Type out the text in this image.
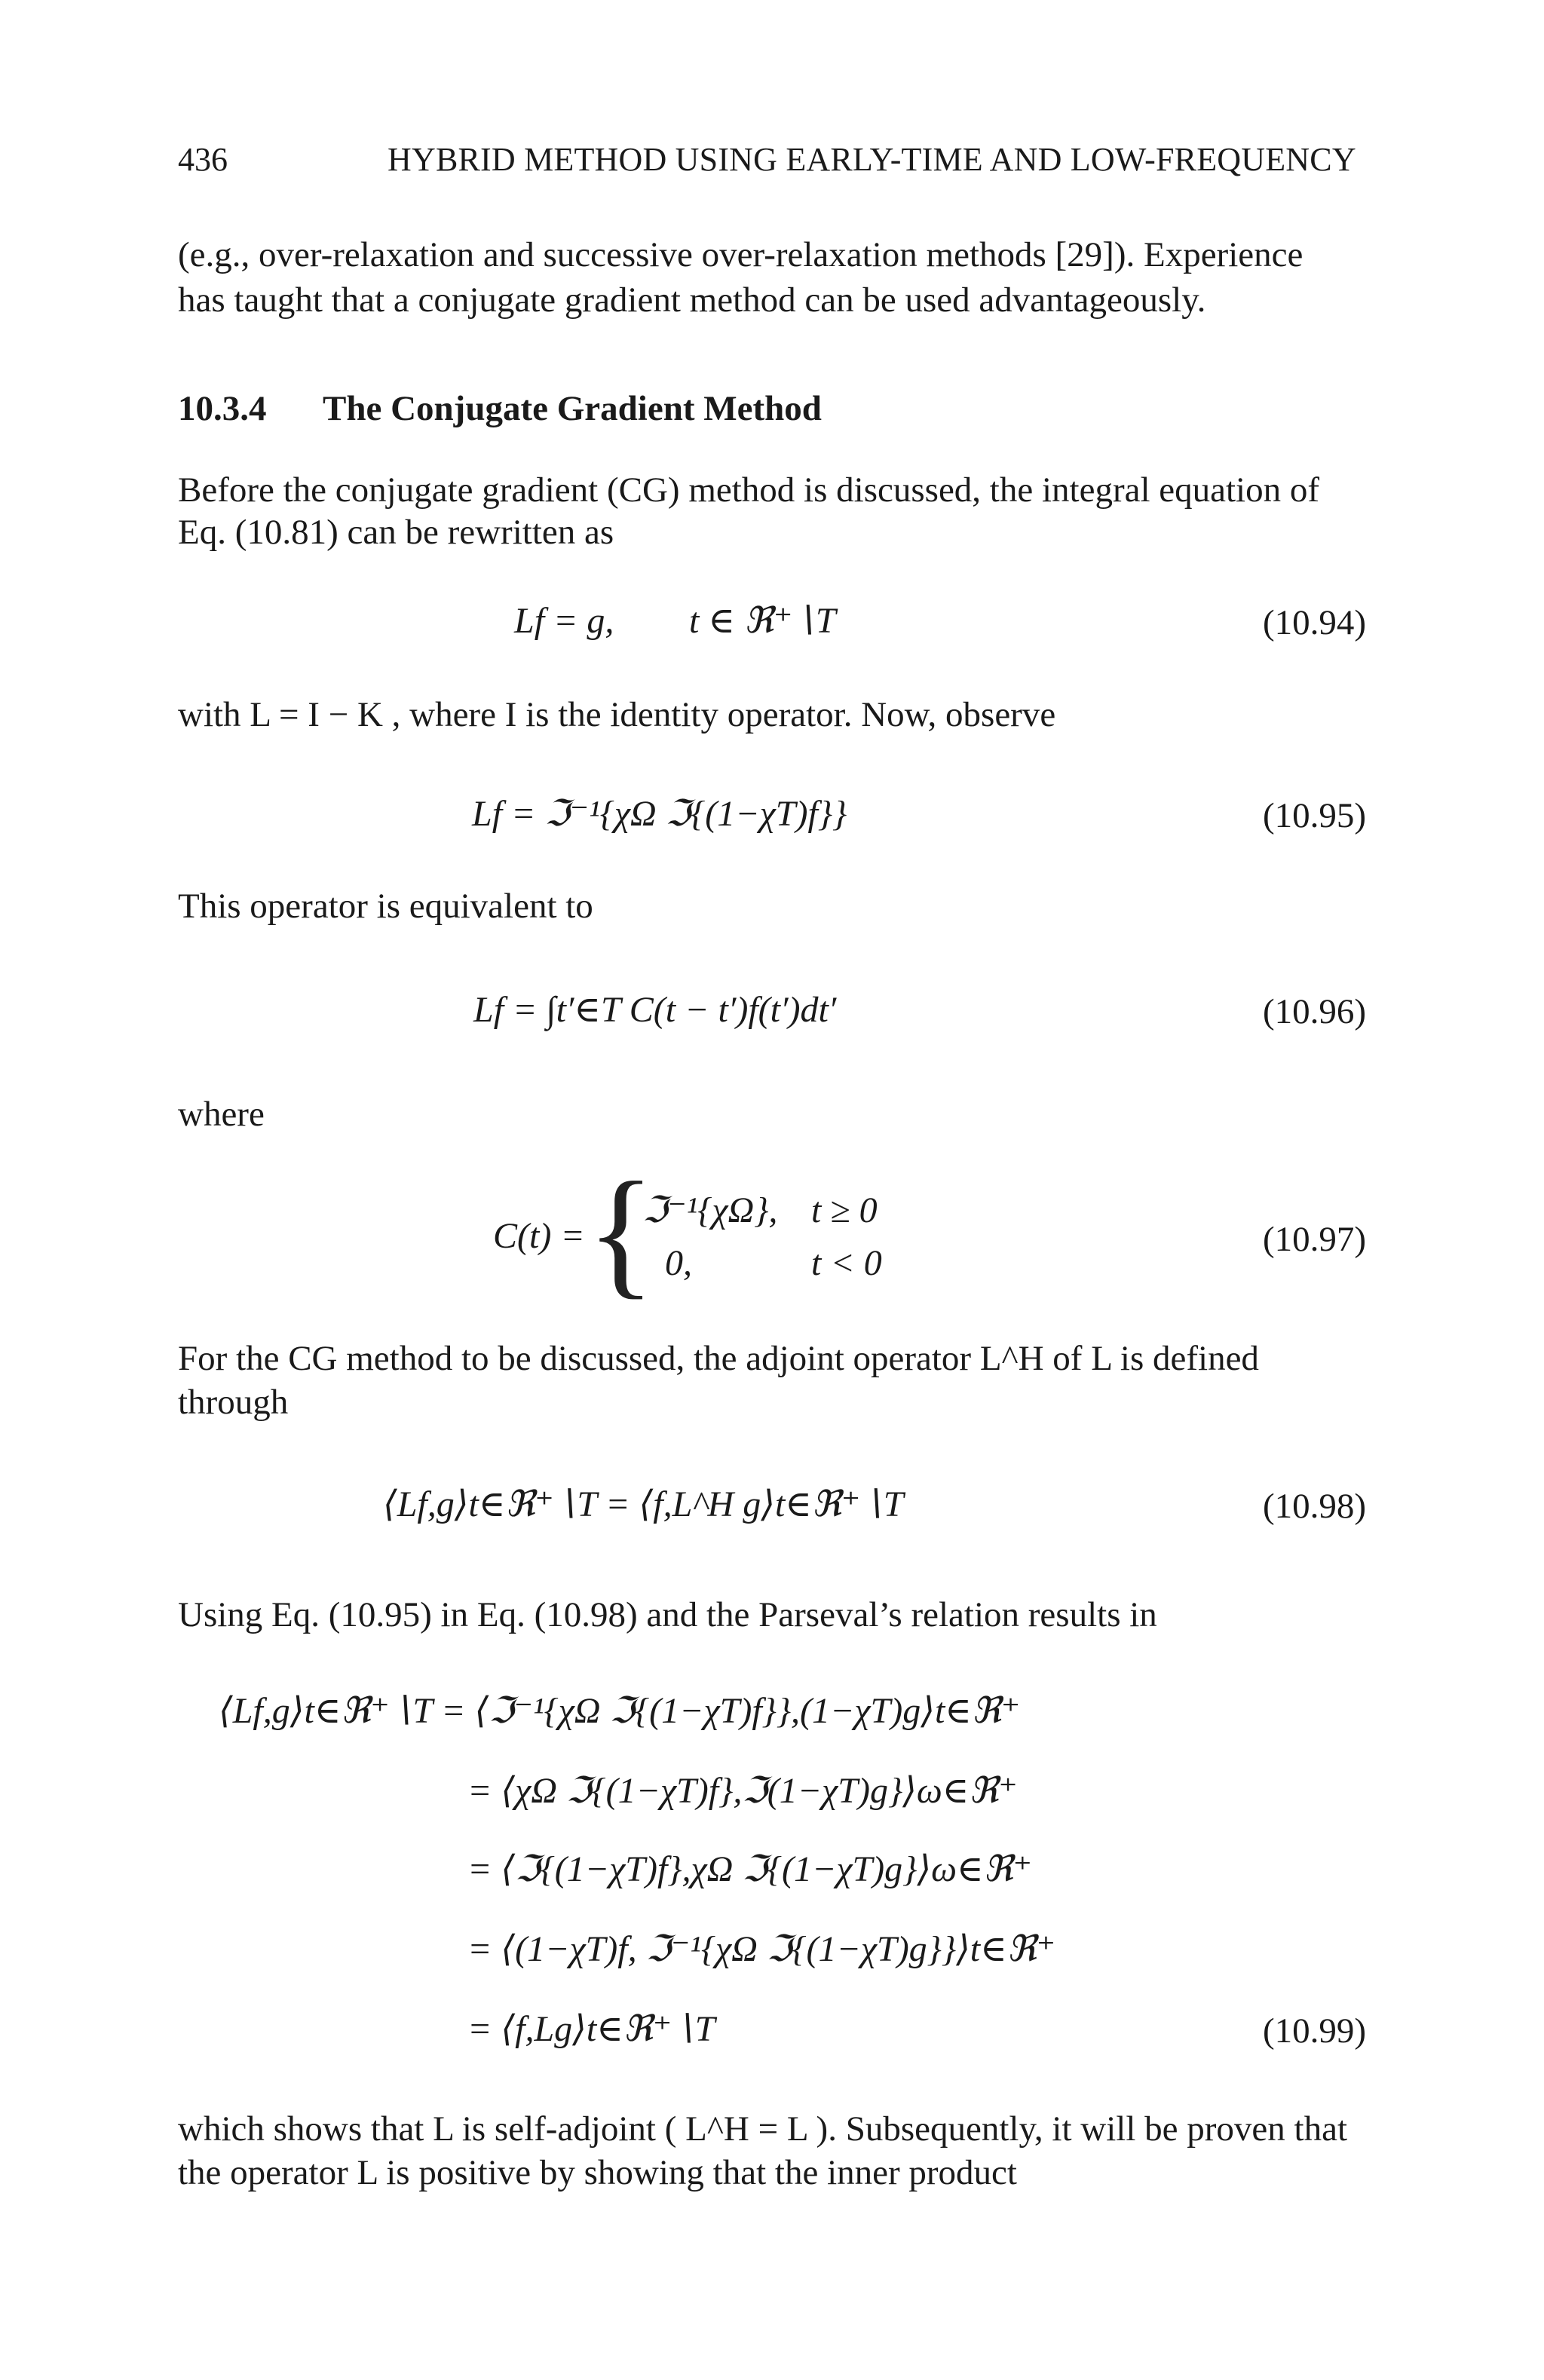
436	HYBRID METHOD USING EARLY-TIME AND LOW-FREQUENCY
(e.g., over-relaxation and successive over-relaxation methods [29]). Experience
has taught that a conjugate gradient method can be used advantageously.
10.3.4 The Conjugate Gradient Method
Before the conjugate gradient (CG) method is discussed, the integral equation of
Eq. (10.81) can be rewritten as
Lf = g, t ∈ ℜ⁺∖T	(10.94)
with L = I − K , where I is the identity operator. Now, observe
Lf = ℑ⁻¹{χΩ ℑ{(1−χT)f}}	(10.95)
This operator is equivalent to
Lf = ∫t′∈T C(t − t′)f(t′)dt′	(10.96)
where
C(t) = {
ℑ⁻¹{χΩ}, t ≥ 0
0,	t < 0
(10.97)
For the CG method to be discussed, the adjoint operator L^H of L is defined
through
⟨Lf,g⟩t∈ℜ⁺∖T = ⟨f,L^H g⟩t∈ℜ⁺∖T	(10.98)
Using Eq. (10.95) in Eq. (10.98) and the Parseval’s relation results in
⟨Lf,g⟩t∈ℜ⁺∖T = ⟨ℑ⁻¹{χΩ ℑ{(1−χT)f}},(1−χT)g⟩t∈ℜ⁺
= ⟨χΩ ℑ{(1−χT)f},ℑ(1−χT)g}⟩ω∈ℜ⁺
= ⟨ℑ{(1−χT)f},χΩ ℑ{(1−χT)g}⟩ω∈ℜ⁺
= ⟨(1−χT)f, ℑ⁻¹{χΩ ℑ{(1−χT)g}}⟩t∈ℜ⁺
= ⟨f,Lg⟩t∈ℜ⁺∖T	(10.99)
which shows that L is self-adjoint ( L^H = L ). Subsequently, it will be proven that
the operator L is positive by showing that the inner product
